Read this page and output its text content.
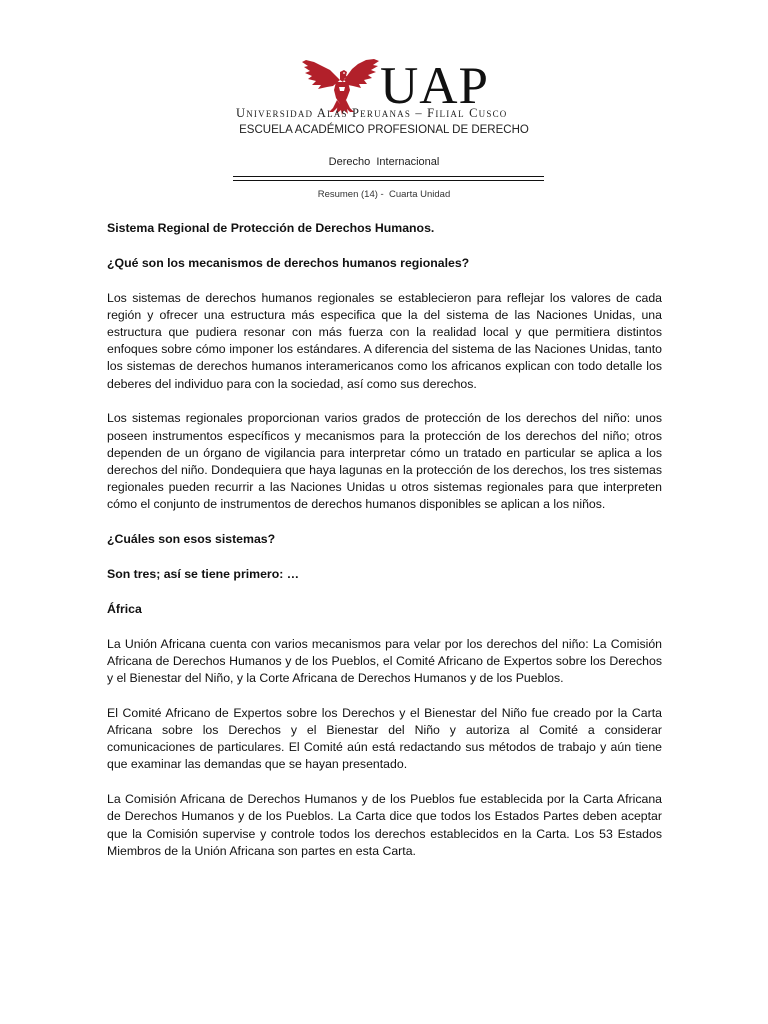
UAP
Universidad Alas Peruanas – Filial Cusco
ESCUELA ACADÉMICO PROFESIONAL DE DERECHO
Derecho  Internacional
Resumen (14) -  Cuarta Unidad

Sistema Regional de Protección de Derechos Humanos.

¿Qué son los mecanismos de derechos humanos regionales?

Los sistemas de derechos humanos regionales se establecieron para reflejar los valores de cada región y ofrecer una estructura más especifica que la del sistema de las Naciones Unidas, una estructura que pudiera resonar con más fuerza con la realidad local y que permitiera distintos enfoques sobre cómo imponer los estándares. A diferencia del sistema de las Naciones Unidas, tanto los sistemas de derechos humanos interamericanos como los africanos explican con todo detalle los deberes del individuo para con la sociedad, así como sus derechos.

Los sistemas regionales proporcionan varios grados de protección de los derechos del niño: unos poseen instrumentos específicos y mecanismos para la protección de los derechos del niño; otros dependen de un órgano de vigilancia para interpretar cómo un tratado en particular se aplica a los derechos del niño. Dondequiera que haya lagunas en la protección de los derechos, los tres sistemas regionales pueden recurrir a las Naciones Unidas u otros sistemas regionales para que interpreten cómo el conjunto de instrumentos de derechos humanos disponibles se aplican a los niños.

¿Cuáles son esos sistemas?

Son tres; así se tiene primero: …

África

La Unión Africana cuenta con varios mecanismos para velar por los derechos del niño: La Comisión Africana de Derechos Humanos y de los Pueblos, el Comité Africano de Expertos sobre los Derechos y el Bienestar del Niño, y la Corte Africana de Derechos Humanos y de los Pueblos.

El Comité Africano de Expertos sobre los Derechos y el Bienestar del Niño fue creado por la Carta Africana sobre los Derechos y el Bienestar del Niño y autoriza al Comité a considerar comunicaciones de particulares. El Comité aún está redactando sus métodos de trabajo y aún tiene que examinar las demandas que se hayan presentado.

La Comisión Africana de Derechos Humanos y de los Pueblos fue establecida por la Carta Africana de Derechos Humanos y de los Pueblos. La Carta dice que todos los Estados Partes deben aceptar que la Comisión supervise y controle todos los derechos establecidos en la Carta. Los 53 Estados Miembros de la Unión Africana son partes en esta Carta.
